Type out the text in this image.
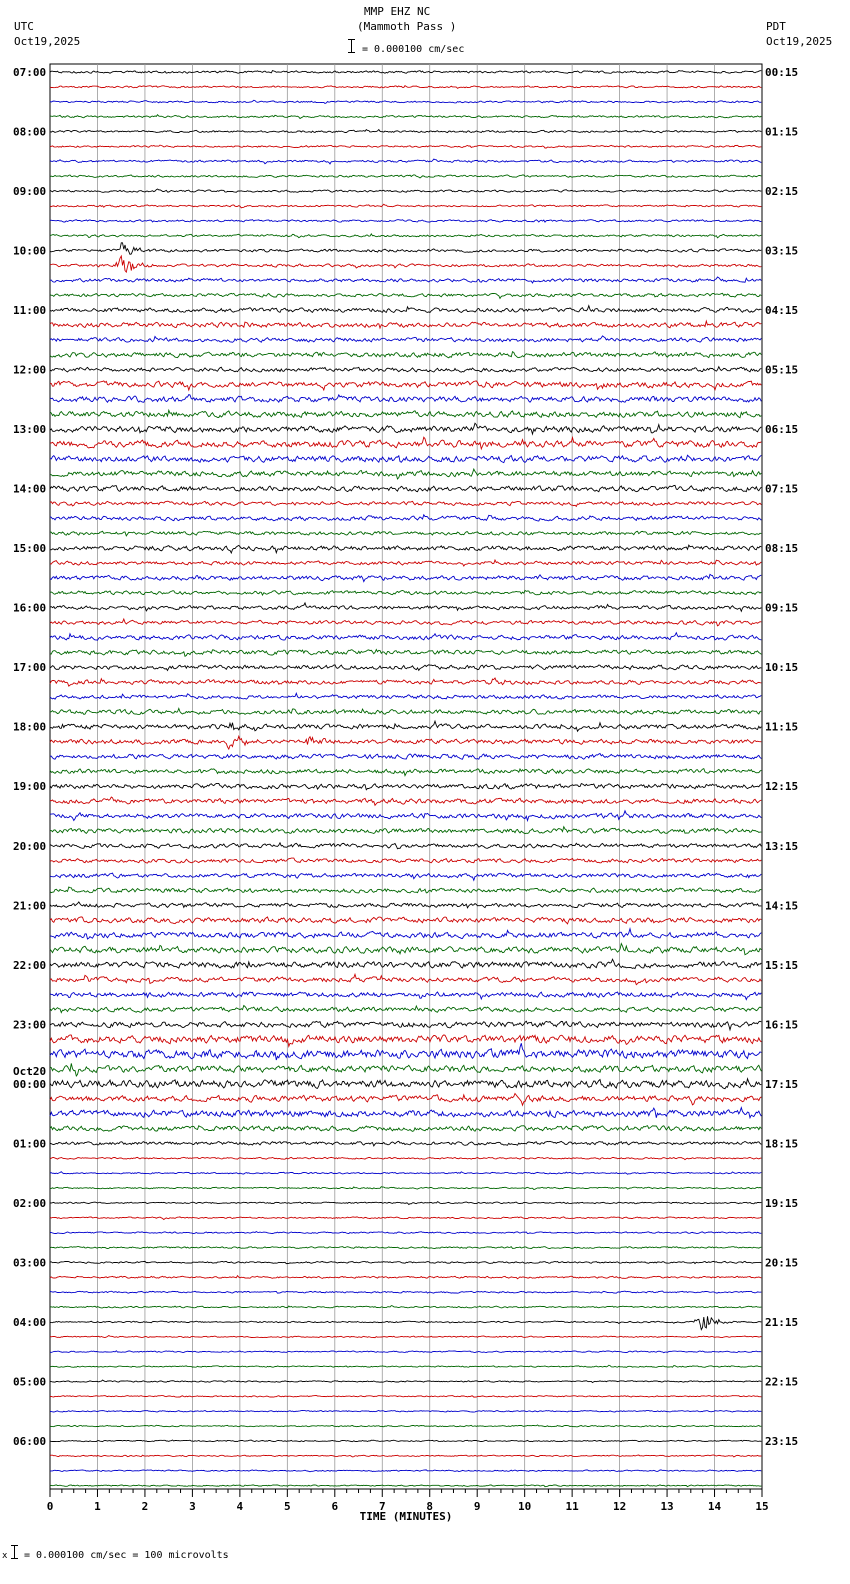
UTC
Oct19,2025
MMP EHZ NC
(Mammoth Pass )
= 0.000100 cm/sec
PDT
Oct19,2025
0	1	2	3	4	5	6	7	8	9	10	11	12	13	14	15
TIME (MINUTES)
07:00	00:15
08:00	01:15
09:00	02:15
10:00	03:15
11:00	04:15
12:00	05:15
13:00	06:15
14:00	07:15
15:00	08:15
16:00	09:15
17:00	10:15
18:00	11:15
19:00	12:15
20:00	13:15
21:00	14:15
22:00	15:15
23:00	16:15
00:00	17:15
Oct20
01:00	18:15
02:00	19:15
03:00	20:15
04:00	21:15
05:00	22:15
06:00	23:15
x = 0.000100 cm/sec = 100 microvolts
